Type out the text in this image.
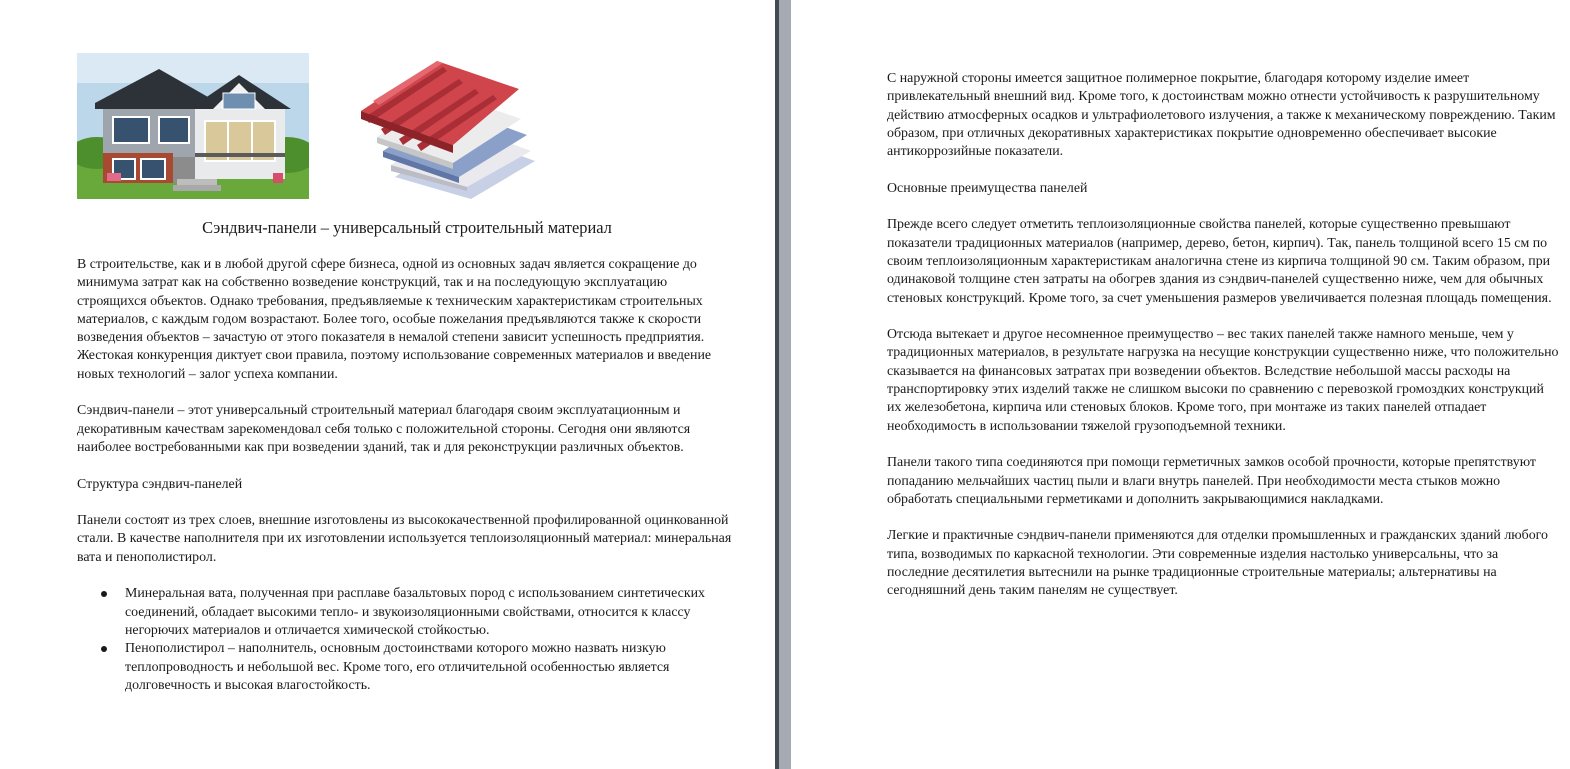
Сэндвич-панели – универсальный строительный материал

В строительстве, как и в любой другой сфере бизнеса, одной из основных задач является сокращение до минимума затрат как на собственно возведение конструкций, так и на последующую эксплуатацию строящихся объектов. Однако требования, предъявляемые к техническим характеристикам строительных материалов, с каждым годом возрастают. Более того, особые пожелания предъявляются также к скорости возведения объектов – зачастую от этого показателя в немалой степени зависит успешность предприятия. Жестокая конкуренция диктует свои правила, поэтому использование современных материалов и введение новых технологий – залог успеха компании.

Сэндвич-панели – этот универсальный строительный материал благодаря своим эксплуатационным и декоративным качествам зарекомендовал себя только с положительной стороны. Сегодня они являются наиболее востребованными как при возведении зданий, так и для реконструкции различных объектов.

Структура сэндвич-панелей

Панели состоят из трех слоев, внешние изготовлены из высококачественной профилированной оцинкованной стали. В качестве наполнителя при их изготовлении используется теплоизоляционный материал: минеральная вата и пенополистирол.

Минеральная вата, полученная при расплаве базальтовых пород с использованием синтетических соединений, обладает высокими тепло- и звукоизоляционными свойствами, относится к классу негорючих материалов и отличается химической стойкостью.
Пенополистирол – наполнитель, основным достоинствами которого можно назвать низкую теплопроводность и небольшой вес. Кроме того, его отличительной особенностью является долговечность и высокая влагостойкость.

С наружной стороны имеется защитное полимерное покрытие, благодаря которому изделие имеет привлекательный внешний вид. Кроме того, к достоинствам можно отнести устойчивость к разрушительному действию атмосферных осадков и ультрафиолетового излучения, а также к механическому повреждению. Таким образом, при отличных декоративных характеристиках покрытие одновременно обеспечивает высокие антикоррозийные показатели.

Основные преимущества панелей

Прежде всего следует отметить теплоизоляционные свойства панелей, которые существенно превышают показатели традиционных материалов (например, дерево, бетон, кирпич). Так, панель толщиной всего 15 см по своим теплоизоляционным характеристикам аналогична стене из кирпича толщиной 90 см. Таким образом, при одинаковой толщине стен затраты на обогрев здания из сэндвич-панелей существенно ниже, чем для обычных стеновых конструкций. Кроме того, за счет уменьшения размеров увеличивается полезная площадь помещения.

Отсюда вытекает и другое несомненное преимущество – вес таких панелей также намного меньше, чем у традиционных материалов, в результате нагрузка на несущие конструкции существенно ниже, что положительно сказывается на финансовых затратах при возведении объектов. Вследствие небольшой массы расходы на транспортировку этих изделий также не слишком высоки по сравнению с перевозкой громоздких конструкций их железобетона, кирпича или стеновых блоков. Кроме того, при монтаже из таких панелей отпадает необходимость в использовании тяжелой грузоподъемной техники.

Панели такого типа соединяются при помощи герметичных замков особой прочности, которые препятствуют попаданию мельчайших частиц пыли и влаги внутрь панелей. При необходимости места стыков можно обработать специальными герметиками и дополнить закрывающимися накладками.

Легкие и практичные сэндвич-панели применяются для отделки промышленных и гражданских зданий любого типа, возводимых по каркасной технологии. Эти современные изделия настолько универсальны, что за последние десятилетия вытеснили на рынке традиционные строительные материалы; альтернативы на сегодняшний день таким панелям не существует.
